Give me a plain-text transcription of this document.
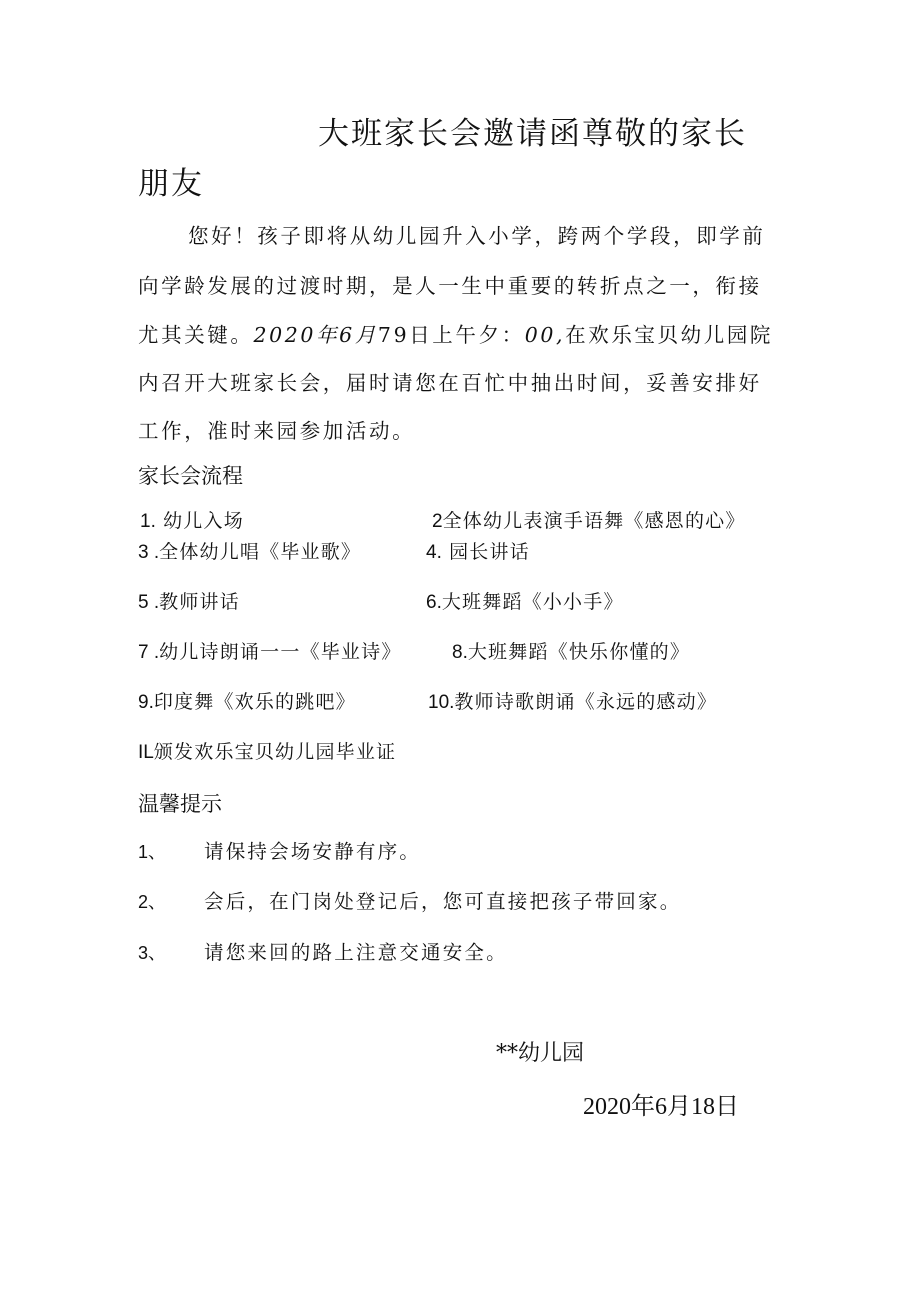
大班家长会邀请函尊敬的家长
朋友
您好！孩子即将从幼儿园升入小学，跨两个学段，即学前
向学龄发展的过渡时期，是人一生中重要的转折点之一，衔接
尤其关键。2020年6月79日上午夕：00,在欢乐宝贝幼儿园院
内召开大班家长会，届时请您在百忙中抽出时间，妥善安排好
工作，准时来园参加活动。
家长会流程
1. 幼儿入场	2全体幼儿表演手语舞《感恩的心》
3 .全体幼儿唱《毕业歌》	4. 园长讲话
5 .教师讲话	6.大班舞蹈《小小手》
7 .幼儿诗朗诵一一《毕业诗》	8.大班舞蹈《快乐你懂的》
9.印度舞《欢乐的跳吧》	10.教师诗歌朗诵《永远的感动》
IL颁发欢乐宝贝幼儿园毕业证
温馨提示
1、 请保持会场安静有序。
2、 会后，在门岗处登记后，您可直接把孩子带回家。
3、 请您来回的路上注意交通安全。
**幼儿园
2020年6月18日
